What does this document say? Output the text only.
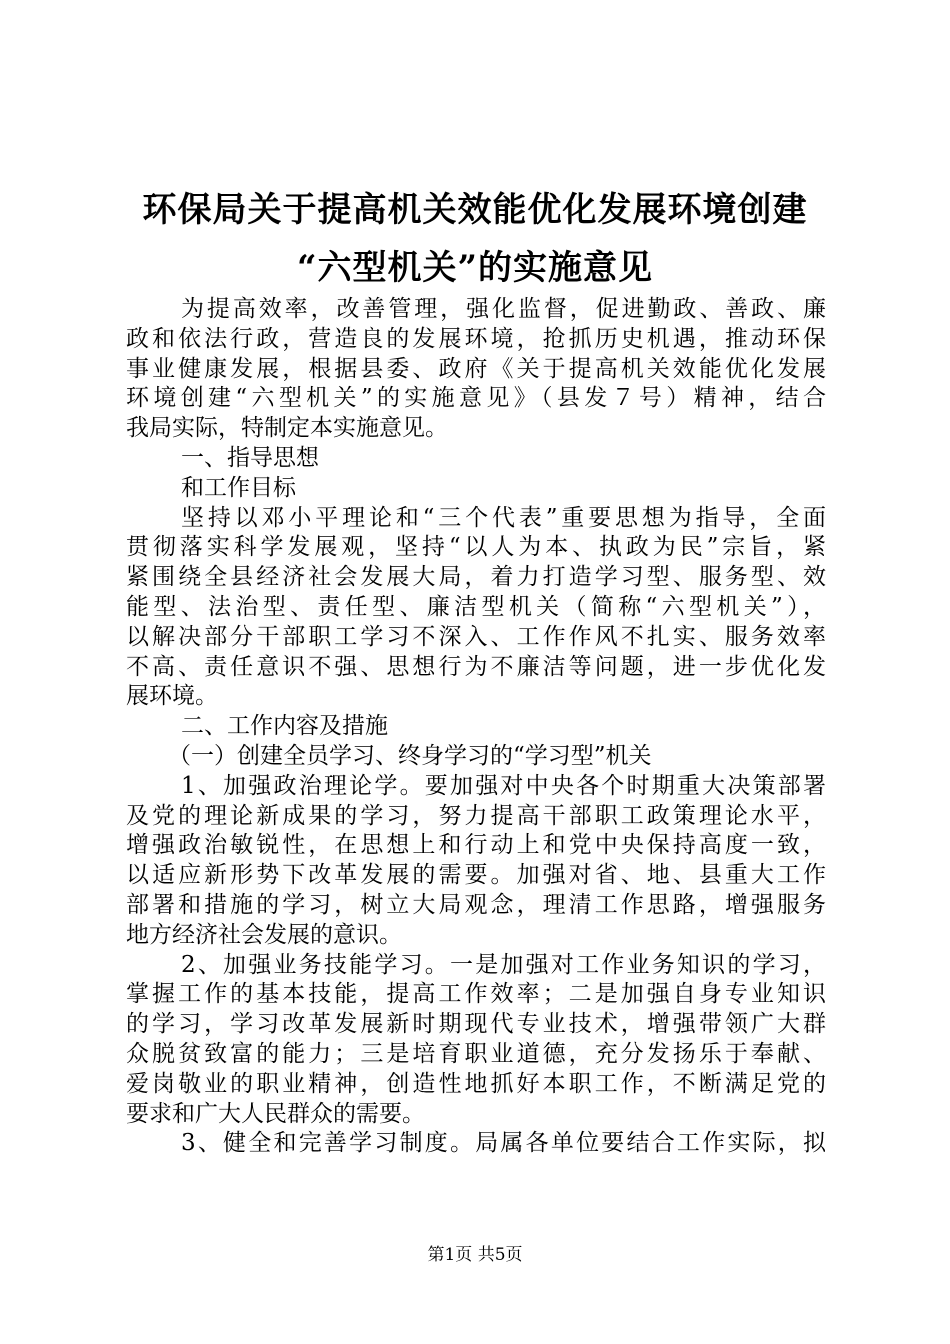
环保局关于提高机关效能优化发展环境创建
“六型机关”的实施意见
为提高效率，改善管理，强化监督，促进勤政、善政、廉
政和依法行政，营造良的发展环境，抢抓历史机遇，推动环保
事业健康发展，根据县委、政府《关于提高机关效能优化发展
环境创建“六型机关”的实施意见》（县发７号）精神，结合
我局实际，特制定本实施意见。
一、指导思想
和工作目标
坚持以邓小平理论和“三个代表”重要思想为指导，全面
贯彻落实科学发展观，坚持“以人为本、执政为民”宗旨，紧
紧围绕全县经济社会发展大局，着力打造学习型、服务型、效
能型、法治型、责任型、廉洁型机关（简称“六型机关”），
以解决部分干部职工学习不深入、工作作风不扎实、服务效率
不高、责任意识不强、思想行为不廉洁等问题，进一步优化发
展环境。
二、工作内容及措施
（一）创建全员学习、终身学习的“学习型”机关
1、加强政治理论学。要加强对中央各个时期重大决策部署
及党的理论新成果的学习，努力提高干部职工政策理论水平，
增强政治敏锐性，在思想上和行动上和党中央保持高度一致，
以适应新形势下改革发展的需要。加强对省、地、县重大工作
部署和措施的学习，树立大局观念，理清工作思路，增强服务
地方经济社会发展的意识。
2、加强业务技能学习。一是加强对工作业务知识的学习，
掌握工作的基本技能，提高工作效率；二是加强自身专业知识
的学习，学习改革发展新时期现代专业技术，增强带领广大群
众脱贫致富的能力；三是培育职业道德，充分发扬乐于奉献、
爱岗敬业的职业精神，创造性地抓好本职工作，不断满足党的
要求和广大人民群众的需要。
3、健全和完善学习制度。局属各单位要结合工作实际，拟
第1页 共5页
